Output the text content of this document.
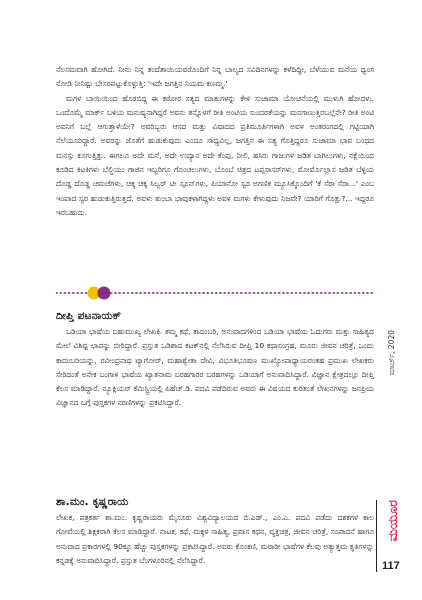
ನೆಲಸಮವಾಗಿ ಹೋಗಿದೆ. ನೀನು ನಿನ್ನ ತಂದೆತಾಯಿಯವರೊಂದಿಗೆ ನಿನ್ನ ಬಾಲ್ಯದ ಸವಿದಿನಗಳನ್ನು ಕಳೆದಿದ್ದೀ, ಬೆಳೆಯುವ ಮನೆಯ ಧ್ವಂಸ ನೋಡಿ ನೀನಿಷ್ಟು ಬೇಸರಪಟ್ಟುಕೊಳ್ಳುತ್ತಿ: 'ಇದೇ ಜಗತ್ತಿನ ನಿಯಮ ಕಣಮ್ಮ.'

ಮಗಳ ಬಾಯಿಯಿಂದ ಹೊರಬಿದ್ದ ಈ ಕಠೋರ ಸತ್ಯದ ಮಾತುಗಳನ್ನು ಕೇಳಿ ಸುಜಾಮಾ ಯೋಚನೆಯಲ್ಲಿ ಮುಳುಗಿ ಹೋದಳು. ಒಂದೊಮ್ಮೆ ಮಾರ್ಕ್ ಬಳಿಯ ಮನುಷ್ಯನಾಗಿದ್ದರೆ ಅವನು ತನ್ನೊಳಗೆ ರೀತಿ ಅಂಟಿಯ ಸುಂದರತೆಯನ್ನು ಮನಗಾಣುತ್ತಿರಬಲ್ಲೆನೇ? ರೀತಿ ಅಂಟಿ ಅವನಿಗೆ ಬಲ್ಲೆ ಆಗುತ್ತಾಳೆಯೇ? ಅವರಿಬ್ಬರು ಆಸದ ಮತ್ತು ವಿಷಾದದ ಪ್ರತಿಮೂರ್ತಿಗಳಾಗಿ ಅವಳ ಅಂತರಂಗದಲ್ಲಿ ಗಟ್ಟಿಯಾಗಿ ನೆಲೆಯೂರಿದ್ದಾರೆ. ಅವರನ್ನು ಜೊತೆಗೆ ಹುಡುಕುವುದು ಎಂದೂ ಸಾಧ್ಯವಿಲ್ಲ, ಜಗತ್ತಿನ ಈ ಸತ್ಯ ಗೊತ್ತಿದ್ದರೂ ಸುಜಾಮಾ ಭಾವ ಬಂಧದ ಮನಸ್ಸು ಕೂಗುತ್ತಿತ್ತು. ಈಗಲೂ ಅದೇ ಮನೆ, ಅದೇ ಉದ್ಯಾನ ಅದೇ ಕೆಂಪು, ನೀಲಿ, ಹಸಿರು ಗಾಜುಗಳ ಜಡಿತ ಬಾಗಿಲುಗಳು, ನಕ್ಷೆಯಿಂದ ಕೂಡಿದ ಕಿಟಕಿಗಳು ಬೆಲ್ಜಿಯಂ ಗಾಜಿನ ಇಬ್ಬರಿಗೂ ಗೊಂಚಲುಗಳು, ಬೊಂಬೆ ಚಿತ್ರದ ಟಪ್ಪಸಾಸರ್‌ಗಳು, ಮೋರ್ಮೊಲ್ಲಾಸ ಜಡಿತ ಬೆಳ್ಳಿಯ ದೊಡ್ಡ ದೊಡ್ಡ ಚಮಚೆಗಳು, ಚಿಕ್ಕ ಚಿಕ್ಕ ಸಿಲ್ವರ್ ಟೀ ಸ್ಪೂನ್‌ಗಳು, ಪಿಯಾನೋ ಸ್ವರ ಅಗಣಿತ ಮ್ಯೂಸಿಕ್ಕೊಂದಿಗೆ 'ಕೆ ಸೆರಾ ಸೆರಾ...' ಎಂಬ ಇಂಪಾದ ಸ್ವರ ಹುಡುಕುತ್ತಿರುತ್ತದೆ. ಅವಳು ತುಂಬಾ ಭಾವುಕಳಾಗಿದ್ದಳು ಅವಳ ಮಗಳು ಕೇಳುವುದು ನಿಜವೇ? ಯಾರಿಗೆ ಗೊತ್ತು?... ಇದ್ದರೂ ಇರಬಹುದು.

ದೀಪ್ತಿ ಪಟನಾಯಕ್

ಒಡಿಯಾ ಭಾಷೆಯ ಬಹುಮುಖ್ಯ ಲೇಖಕಿ. ತಮ್ಮ ಕಥೆ, ಕಾದಂಬರಿ, ಅನುವಾದಗಳಿಂದ ಒಡಿಯಾ ಭಾಷೆಯ ಓದುಗರು ಮತ್ತು ಸಾಹಿತ್ಯದ ಮೇಲೆ ವಿಶಿಷ್ಟ ಛಾಪನ್ನು ಬೀರಿದ್ದಾರೆ. ಪ್ರಸ್ತುತ ಒಡಿಶಾದ ಕಟಕ್‌ನಲ್ಲಿ ನೆಲೆಸಿರುವ ದೀಪ್ತಿ 10 ಕಥಾಸಂಗ್ರಹ, ಮೂರು ಜೀವನ ಚರಿತ್ರೆ, ಒಂದು ಕಾದಂಬರಿಯನ್ನು, ರವೀಂದ್ರನಾಥ ಟ್ಯಾಗೋರ್, ಮಹಾಶ್ವೇತಾ ದೇವಿ, ವಿಭೂತಿಭೂಷಣ ಮುಖ್ಯೋಪಾಧ್ಯಾಯರಂತಹ ಪ್ರಮುಖ ಲೇಖಕರು ಸೇರಿದಂತೆ ಅನೇಕ ಬಂಗಾಳಿ ಭಾಷೆಯ ಖ್ಯಾತನಾಮ ಬರಹಗಾರರ ಬರಹಗಳನ್ನು ಒಡಿಯಾಗೆ ಅನುವಾದಿಸಿದ್ದಾರೆ. ವಿಜ್ಞಾನ ಕ್ಷೇತ್ರದಲ್ಲೂ ದೀಪ್ತಿ ಕೆಲಸ ಮಾಡಿದ್ದಾರೆ. ನ್ಯೂಕ್ಲಿಯರ್ ಕೆಮಿಸ್ಟ್ರಿಯಲ್ಲಿ ಪಿಹೆಚ್.ಡಿ. ಪದವಿ ಪಡೆದಿರುವ ಅವರು ಈ ವಿಷಯದ ಕುರಿತಂತೆ ಲೇಖನಗಳನ್ನು ಜನಪ್ರಿಯ ವಿಜ್ಞಾನದ ಬಗ್ಗೆ ಪುಸ್ತಕಗಳ ನರಣಿಗಳನ್ನು ಪ್ರಕಟಿಸಿದ್ದಾರೆ.

ಶಾ.ಮಂ. ಕೃಷ್ಣರಾಯ

ಲೇಖಕ, ಪತ್ರಕರ್ತ ಶಾ.ಮಂ. ಕೃಷ್ಣರಾಯರು ಮೈಸೂರು ವಿಶ್ವವಿದ್ಯಾಲಯದ ಬಿ.ಎಡ್., ಎಂ.ಎ. ಪದವಿ ಪಡೆದು ದಶಕಗಳ ಕಾಲ ಗೋವೆಯಲ್ಲಿ ಶಿಕ್ಷಕರಾಗಿ ಕೆಲಸ ಮಾಡಿದ್ದಾರೆ. ನಾಟಕ, ಕಥೆ, ಮಕ್ಕಳ ಸಾಹಿತ್ಯ, ಪ್ರವಾಸ ಕಥನ, ವ್ಯಕ್ತಿಚಿತ್ರ, ಜೀವನ ಚರಿತ್ರೆ, ಸಂಪಾದನೆ ಹಾಗೂ ಅನುವಾದ ಪ್ರಕಾರಗಳಲ್ಲಿ 90ಕ್ಕೂ ಹೆಚ್ಚು ಪುಸ್ತಕಗಳನ್ನು ಪ್ರಕಟಿಸಿದ್ದಾರೆ. ಅವರು ಕೊಂಕಣಿ, ಮರಾಠೀ ಭಾಷೆಗಳ ಕೆಲವು ಅತ್ಯುತ್ತಮ ಕೃತಿಗಳನ್ನು ಕನ್ನಡಕ್ಕೆ ಅನುವಾದಿಸಿದ್ದಾರೆ. ಪ್ರಸ್ತುತ ಬೆಂಗಳೂರಿನಲ್ಲಿ ನೆಲೆಸಿದ್ದಾರೆ.

ಮಾರ್ಚ್, 2020
ಮಯೂರ
117
